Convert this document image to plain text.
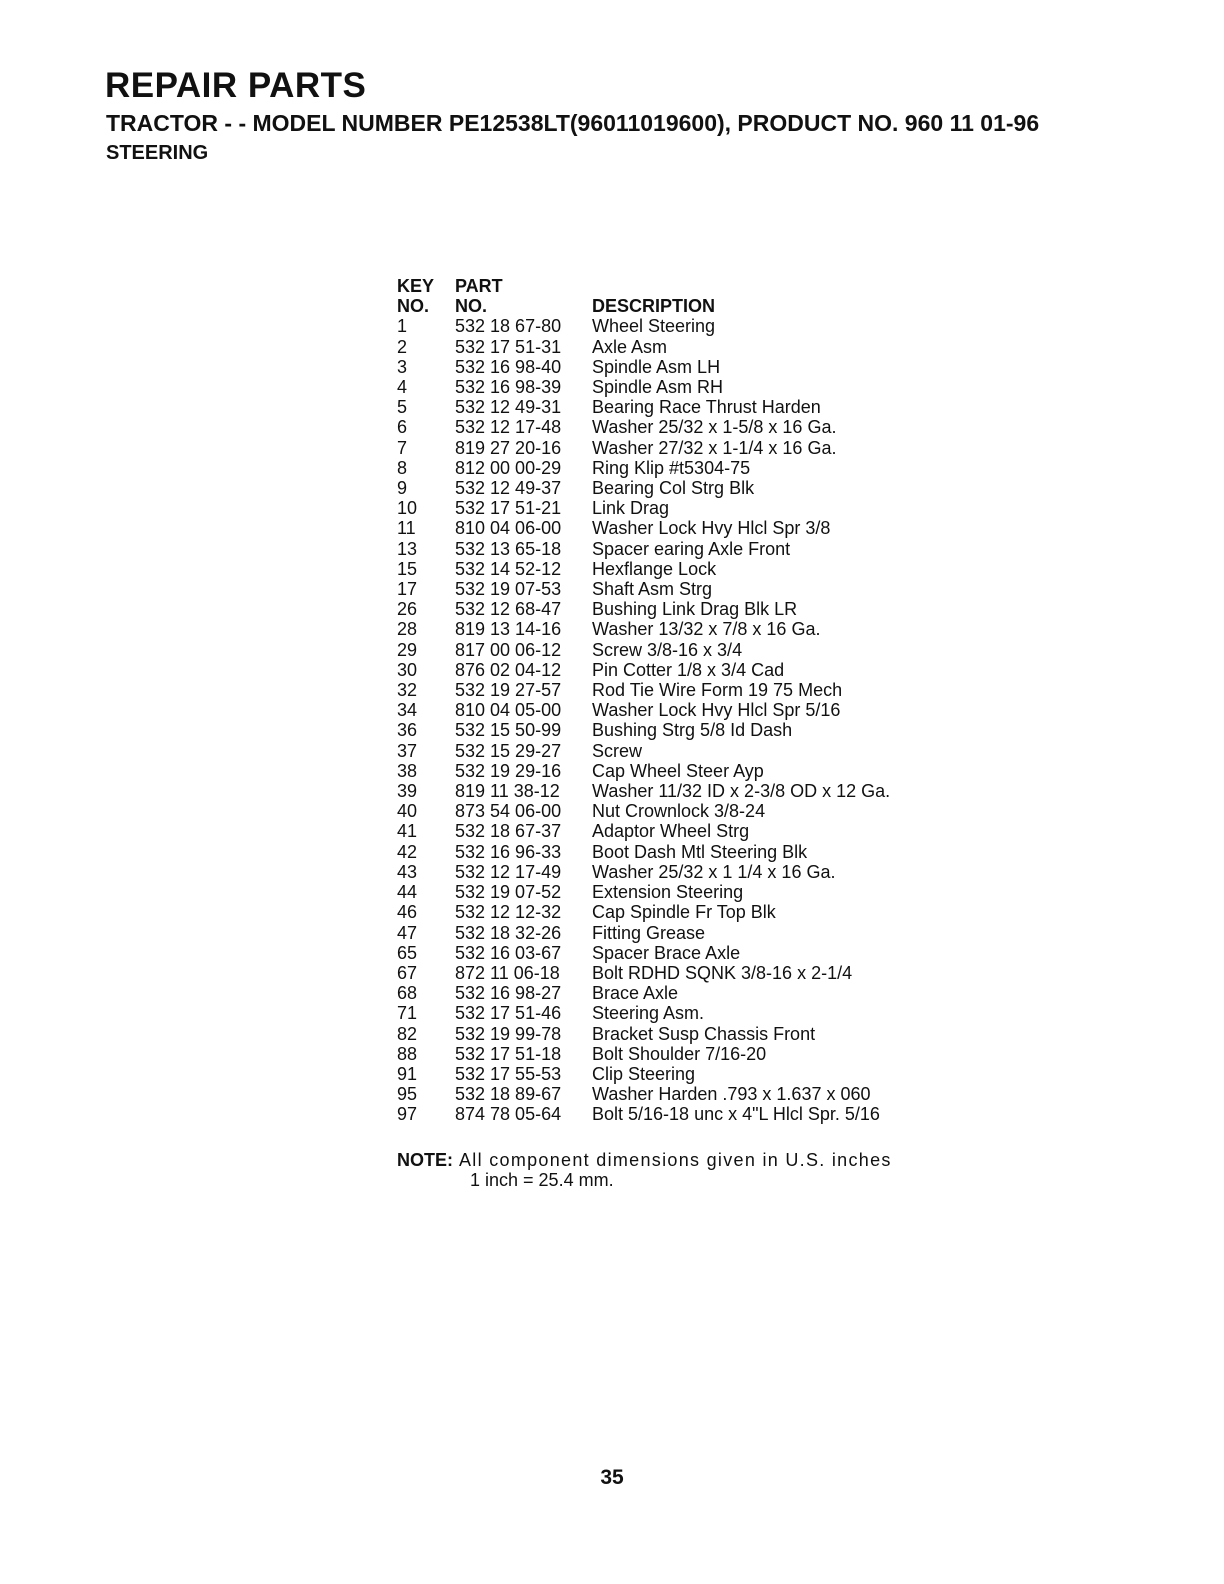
REPAIR PARTS
TRACTOR - - MODEL NUMBER PE12538LT(96011019600), PRODUCT NO. 960 11 01-96
STEERING
KEY	PART
NO.	NO.	DESCRIPTION
1	532 18 67-80	Wheel Steering
2	532 17 51-31	Axle Asm
3	532 16 98-40	Spindle Asm LH
4	532 16 98-39	Spindle Asm RH
5	532 12 49-31	Bearing Race Thrust Harden
6	532 12 17-48	Washer 25/32 x 1-5/8 x 16 Ga.
7	819 27 20-16	Washer 27/32 x 1-1/4 x 16 Ga.
8	812 00 00-29	Ring Klip #t5304-75
9	532 12 49-37	Bearing Col Strg Blk
10	532 17 51-21	Link Drag
11	810 04 06-00	Washer Lock Hvy Hlcl Spr 3/8
13	532 13 65-18	Spacer earing Axle Front
15	532 14 52-12	Hexflange Lock
17	532 19 07-53	Shaft Asm Strg
26	532 12 68-47	Bushing Link Drag Blk LR
28	819 13 14-16	Washer 13/32 x 7/8 x 16 Ga.
29	817 00 06-12	Screw 3/8-16 x 3/4
30	876 02 04-12	Pin Cotter 1/8 x 3/4 Cad
32	532 19 27-57	Rod Tie Wire Form 19 75 Mech
34	810 04 05-00	Washer Lock Hvy Hlcl Spr 5/16
36	532 15 50-99	Bushing Strg 5/8 Id Dash
37	532 15 29-27	Screw
38	532 19 29-16	Cap Wheel Steer Ayp
39	819 11 38-12	Washer 11/32 ID x 2-3/8 OD x 12 Ga.
40	873 54 06-00	Nut Crownlock 3/8-24
41	532 18 67-37	Adaptor Wheel Strg
42	532 16 96-33	Boot Dash Mtl Steering Blk
43	532 12 17-49	Washer 25/32 x 1 1/4 x 16 Ga.
44	532 19 07-52	Extension Steering
46	532 12 12-32	Cap Spindle Fr Top Blk
47	532 18 32-26	Fitting Grease
65	532 16 03-67	Spacer Brace Axle
67	872 11 06-18	Bolt RDHD SQNK 3/8-16 x 2-1/4
68	532 16 98-27	Brace Axle
71	532 17 51-46	Steering Asm.
82	532 19 99-78	Bracket Susp Chassis Front
88	532 17 51-18	Bolt Shoulder 7/16-20
91	532 17 55-53	Clip Steering
95	532 18 89-67	Washer Harden .793 x 1.637 x 060
97	874 78 05-64	Bolt 5/16-18 unc x 4"L Hlcl Spr. 5/16
NOTE: All component dimensions given in U.S. inches
1 inch = 25.4 mm.
35
